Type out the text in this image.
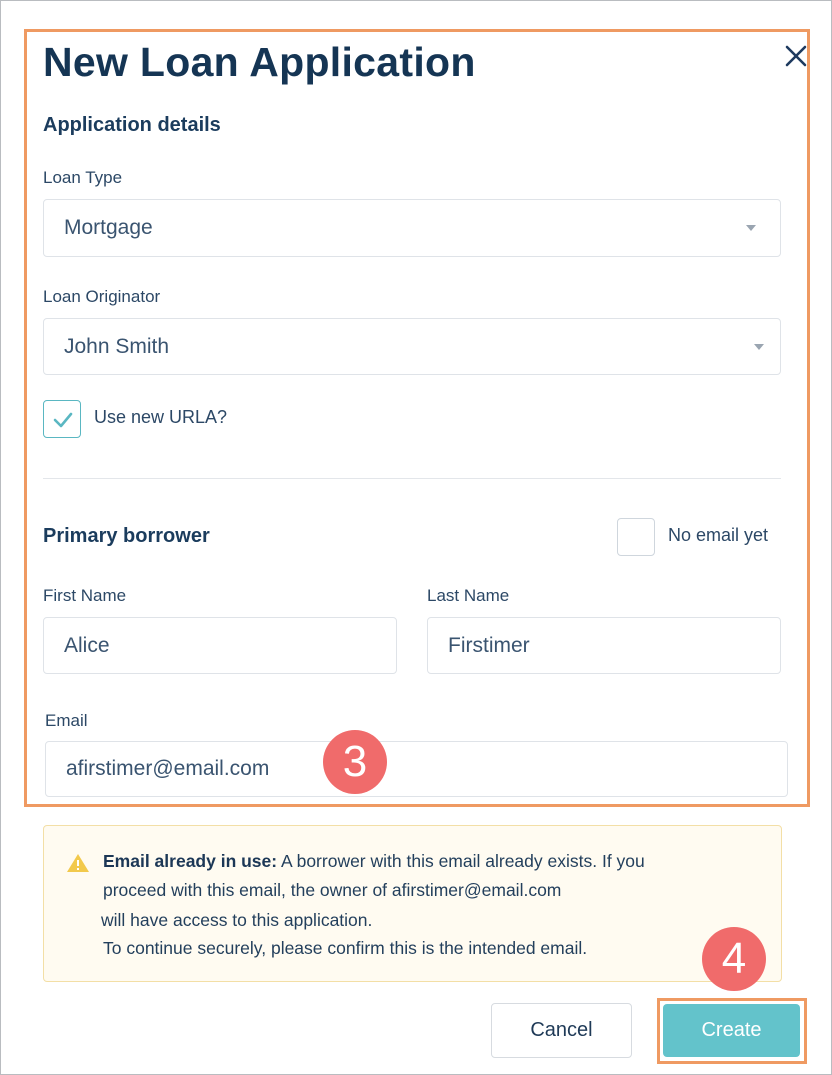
New Loan Application
Application details
Loan Type
Mortgage
Loan Originator
John Smith
Use new URLA?
Primary borrower	No email yet
First Name
Alice
Last Name
Firstimer
Email
afirstimer@email.com	3
Email already in use: A borrower with this email already exists. If you
proceed with this email, the owner of afirstimer@email.com
will have access to this application.
To continue securely, please confirm this is the intended email.	4
Cancel	Create
